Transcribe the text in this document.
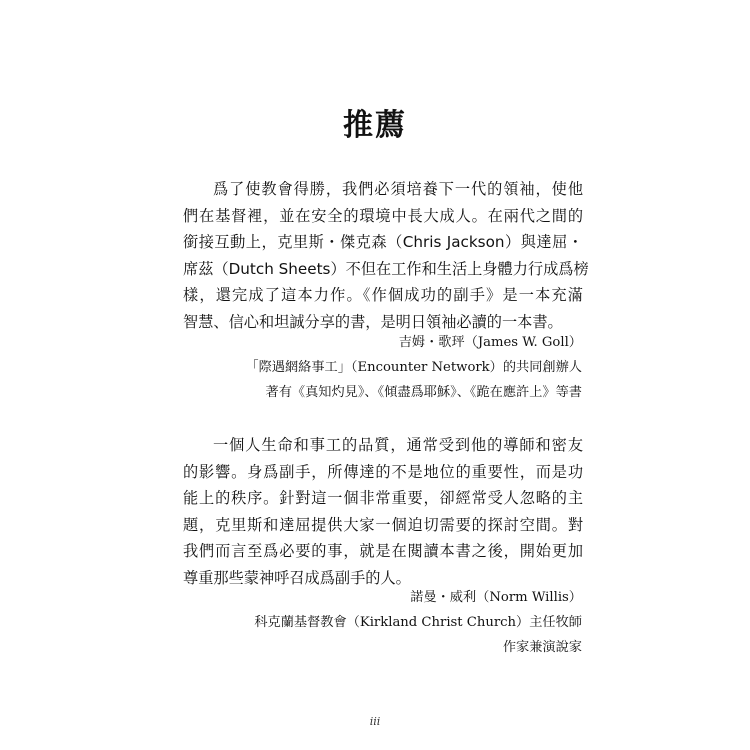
推薦

爲了使教會得勝，我們必須培養下一代的領袖，使他
們在基督裡，並在安全的環境中長大成人。在兩代之間的
銜接互動上，克里斯・傑克森（Chris Jackson）與達屈・
席茲（Dutch Sheets）不但在工作和生活上身體力行成爲榜
樣，還完成了這本力作。《作個成功的副手》是一本充滿
智慧、信心和坦誠分享的書，是明日領袖必讀的一本書。

吉姆・歌玶（James W. Goll）
「際遇網絡事工」（Encounter Network）的共同創辦人
著有《真知灼見》、《傾盡爲耶穌》、《跪在應許上》等書

一個人生命和事工的品質，通常受到他的導師和密友
的影響。身爲副手，所傳達的不是地位的重要性，而是功
能上的秩序。針對這一個非常重要，卻經常受人忽略的主
題，克里斯和達屈提供大家一個迫切需要的探討空間。對
我們而言至爲必要的事，就是在閱讀本書之後，開始更加
尊重那些蒙神呼召成爲副手的人。

諾曼・威利（Norm Willis）
科克蘭基督教會（Kirkland Christ Church）主任牧師
作家兼演說家
iii
